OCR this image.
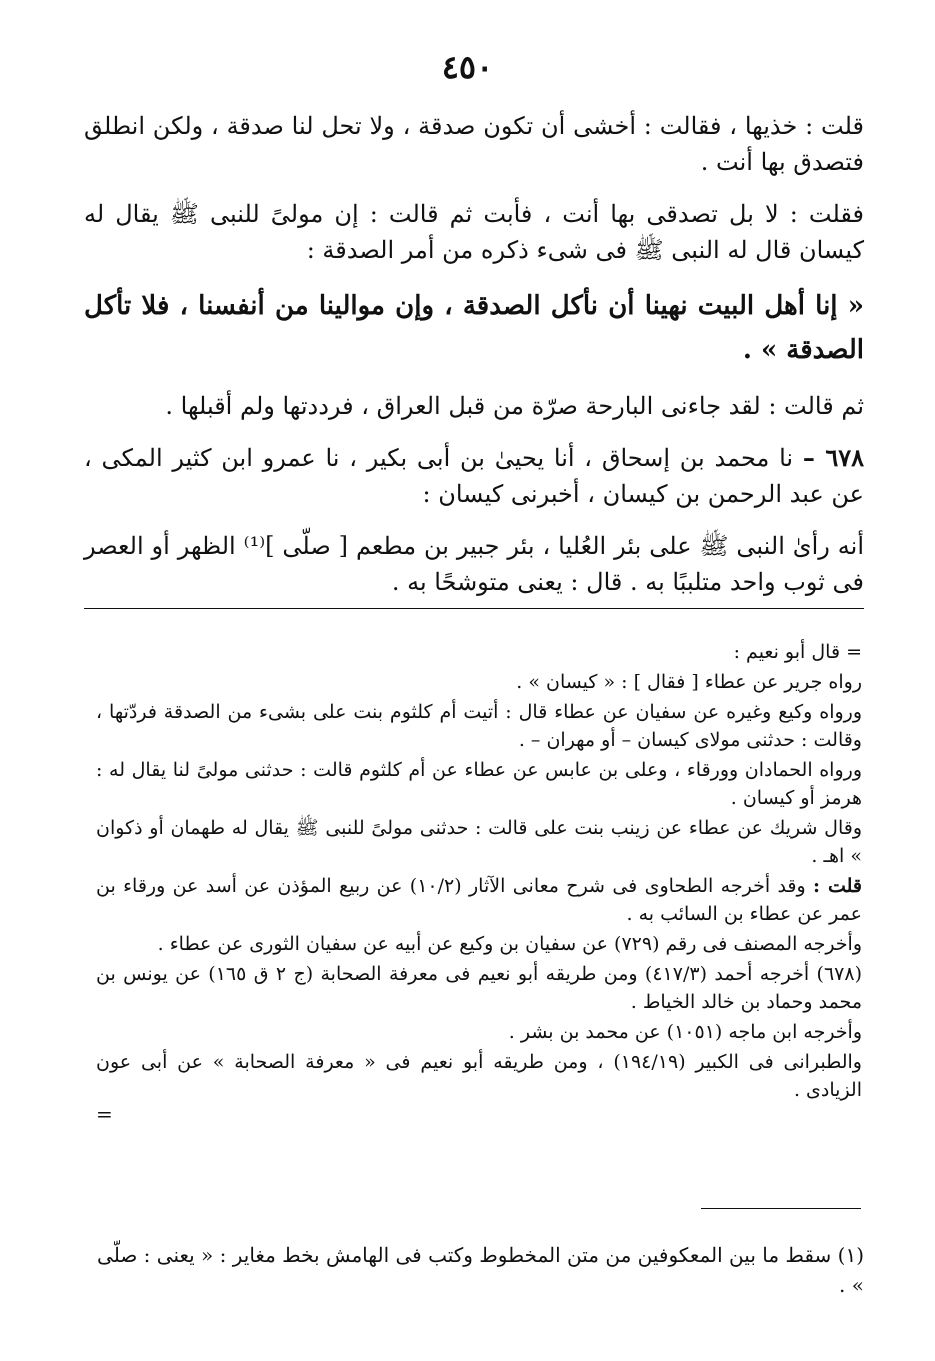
٤٥٠

قلت : خذيها ، فقالت : أخشى أن تكون صدقة ، ولا تحل لنا صدقة ، ولكن انطلق فتصدق بها أنت .

فقلت : لا بل تصدقى بها أنت ، فأبت ثم قالت : إن مولىً للنبى ﷺ يقال له كيسان قال له النبى ﷺ فى شىء ذكره من أمر الصدقة :

« إنا أهل البيت نهينا أن نأكل الصدقة ، وإن موالينا من أنفسنا ، فلا تأكل الصدقة » .

ثم قالت : لقد جاءنى البارحة صرّة من قبل العراق ، فرددتها ولم أقبلها .

٦٧٨ – نا محمد بن إسحاق ، أنا يحيىٰ بن أبى بكير ، نا عمرو ابن كثير المكى ، عن عبد الرحمن بن كيسان ، أخبرنى كيسان :

أنه رأىٰ النبى ﷺ على بئر العُليا ، بئر جبير بن مطعم [ صلّى ]⁽¹⁾ الظهر أو العصر فى ثوب واحد متلببًا به . قال : يعنى متوشحًا به .

= قال أبو نعيم :
رواه جرير عن عطاء [ فقال ] : « كيسان » .
ورواه وكيع وغيره عن سفيان عن عطاء قال : أتيت أم كلثوم بنت على بشىء من الصدقة فردّتها ، وقالت : حدثنى مولاى كيسان – أو مهران – .
ورواه الحمادان وورقاء ، وعلى بن عابس عن عطاء عن أم كلثوم قالت : حدثنى مولىً لنا يقال له : هرمز أو كيسان .
وقال شريك عن عطاء عن زينب بنت على قالت : حدثنى مولىً للنبى ﷺ يقال له طهمان أو ذكوان » اهـ .
قلت : وقد أخرجه الطحاوى فى شرح معانى الآثار (١٠/٢) عن ربيع المؤذن عن أسد عن ورقاء بن عمر عن عطاء بن السائب به .
وأخرجه المصنف فى رقم (٧٢٩) عن سفيان بن وكيع عن أبيه عن سفيان الثورى عن عطاء .
(٦٧٨) أخرجه أحمد (٤١٧/٣) ومن طريقه أبو نعيم فى معرفة الصحابة (ج ٢ ق ١٦٥) عن يونس بن محمد وحماد بن خالد الخياط .
وأخرجه ابن ماجه (١٠٥١) عن محمد بن بشر .
والطبرانى فى الكبير (١٩٤/١٩) ، ومن طريقه أبو نعيم فى « معرفة الصحابة » عن أبى عون الزيادى .
=
(١) سقط ما بين المعكوفين من متن المخطوط وكتب فى الهامش بخط مغاير : « يعنى : صلّى » .
